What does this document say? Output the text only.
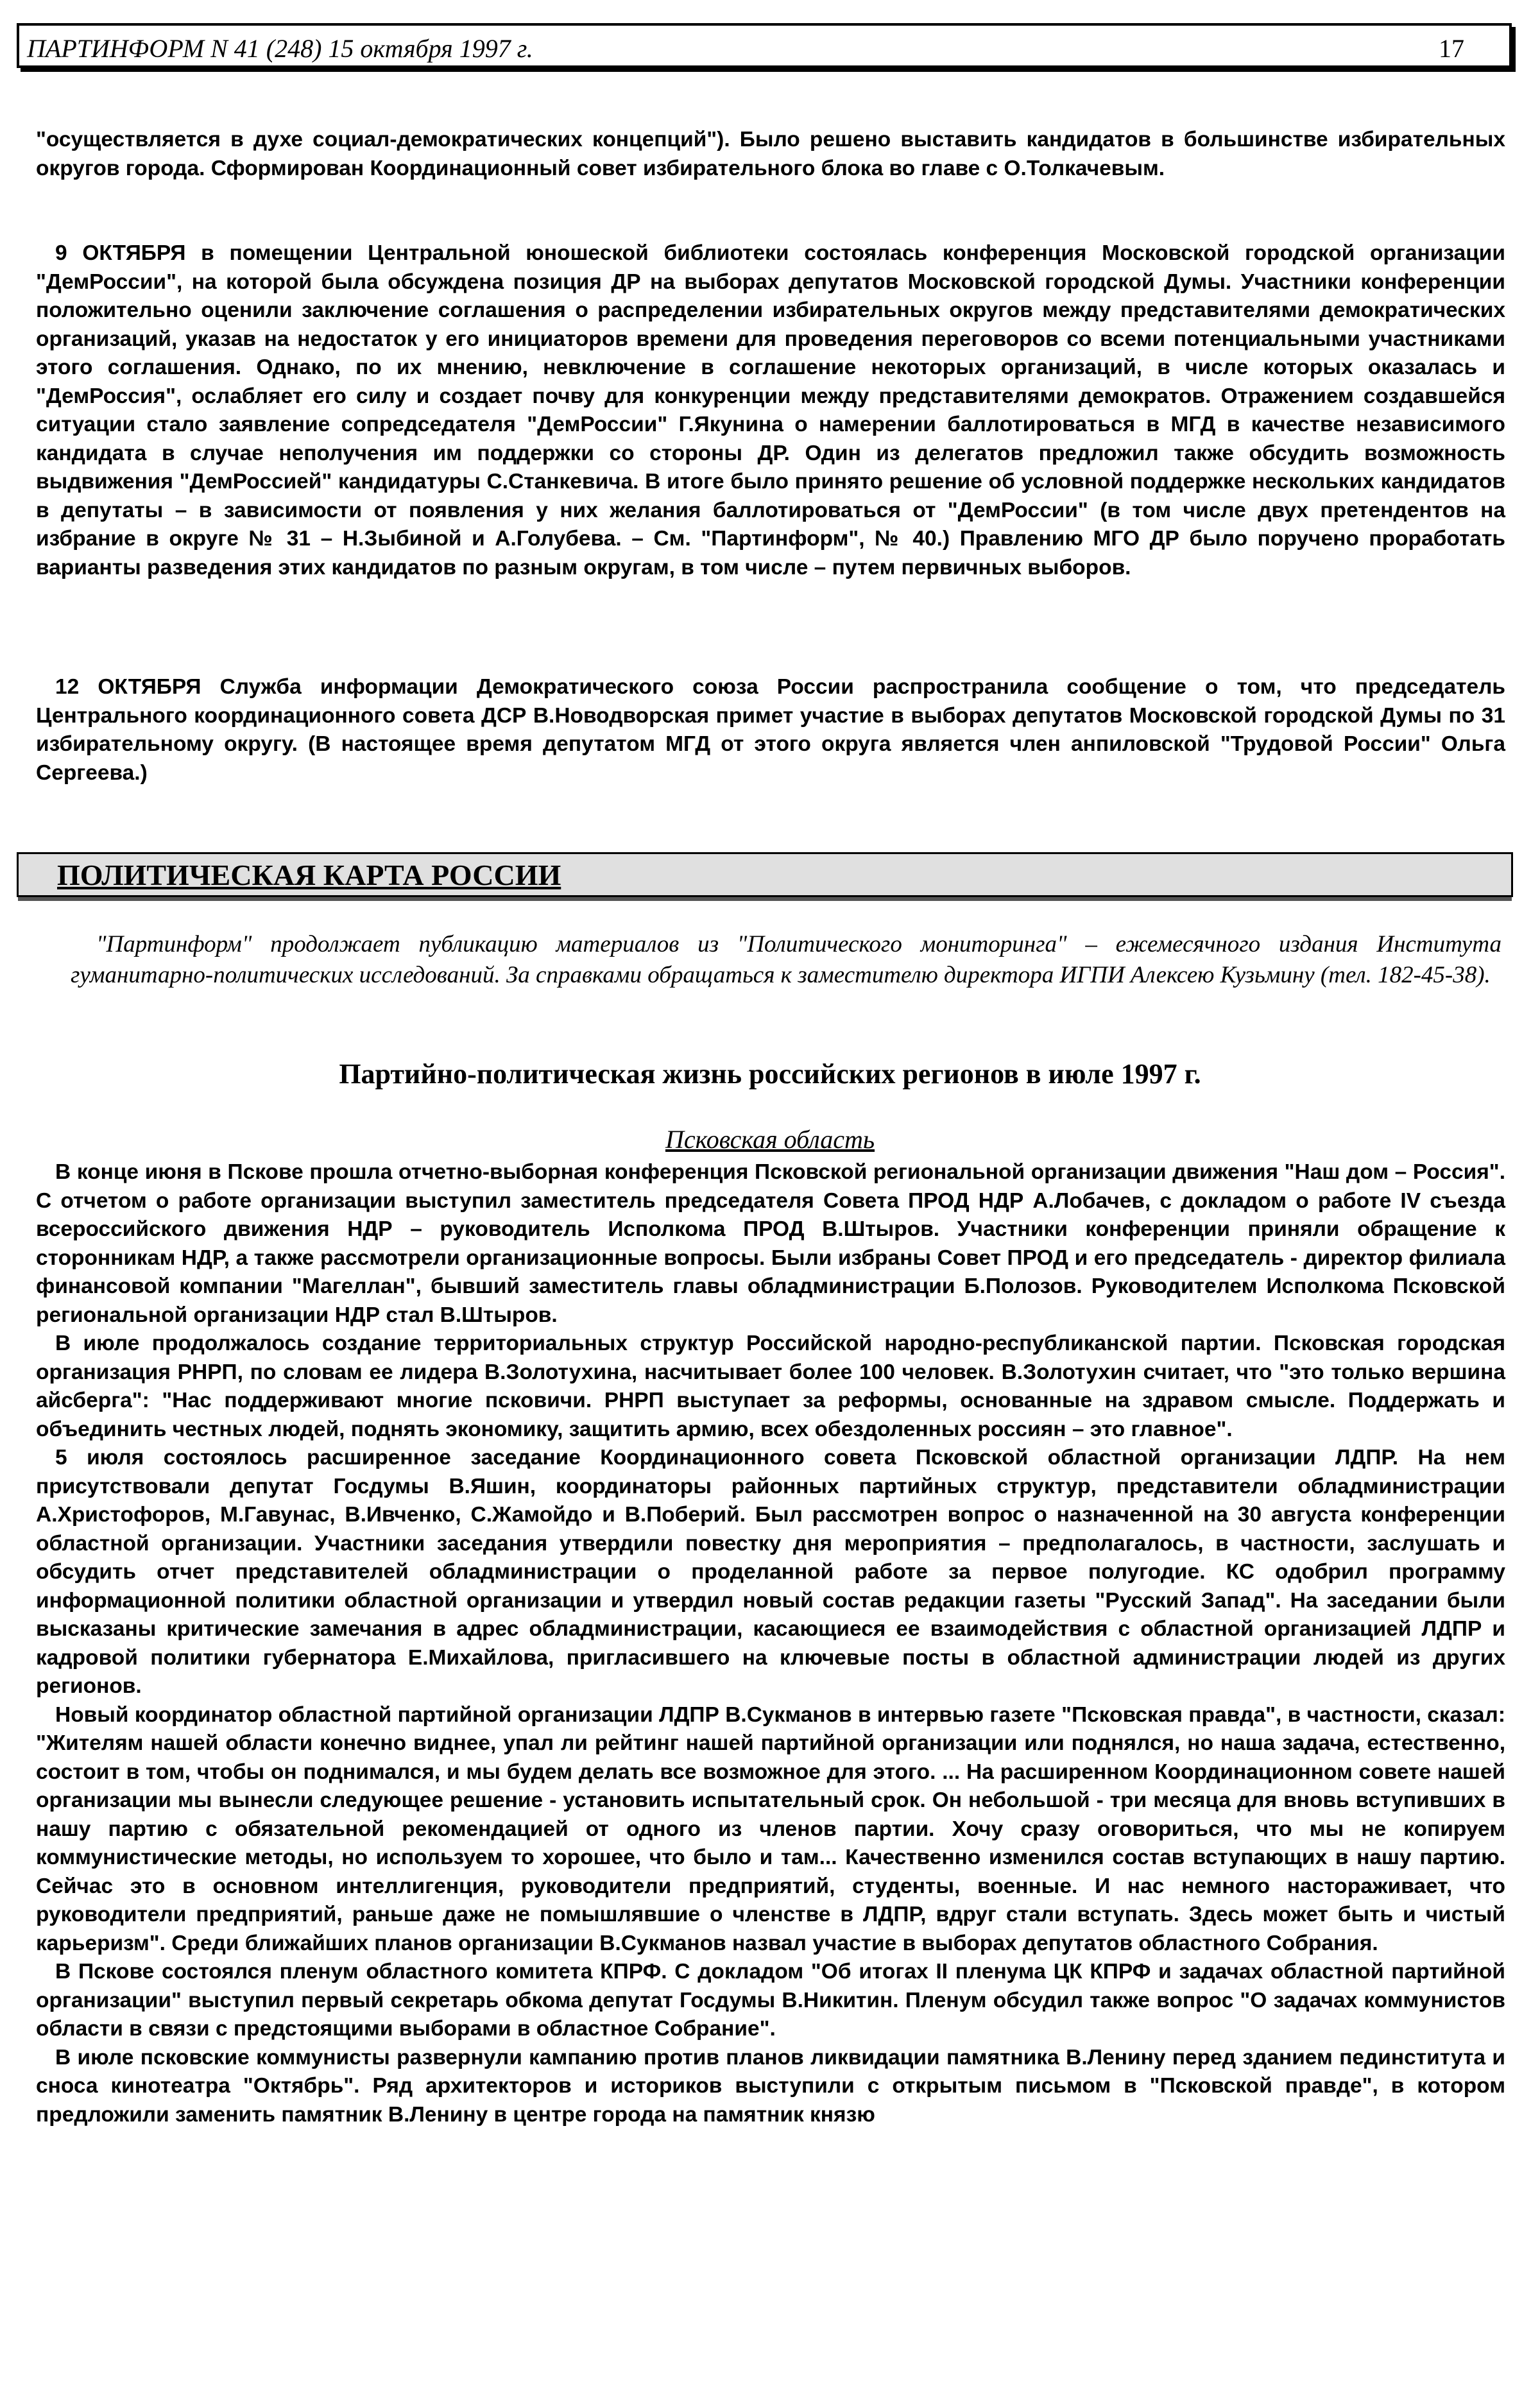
ПАРТИНФОРМ N 41 (248) 15 октября 1997 г.	17

"осуществляется в духе социал-демократических концепций"). Было решено выставить кандидатов в большинстве избирательных округов города. Сформирован Координационный совет избирательного блока во главе с О.Толкачевым.

9 ОКТЯБРЯ в помещении Центральной юношеской библиотеки состоялась конференция Московской городской организации "ДемРоссии", на которой была обсуждена позиция ДР на выборах депутатов Московской городской Думы. Участники конференции положительно оценили заключение соглашения о распределении избирательных округов между представителями демократических организаций, указав на недостаток у его инициаторов времени для проведения переговоров со всеми потенциальными участниками этого соглашения. Однако, по их мнению, невключение в соглашение некоторых организаций, в числе которых оказалась и "ДемРоссия", ослабляет его силу и создает почву для конкуренции между представителями демократов. Отражением создавшейся ситуации стало заявление сопредседателя "ДемРоссии" Г.Якунина о намерении баллотироваться в МГД в качестве независимого кандидата в случае неполучения им поддержки со стороны ДР. Один из делегатов предложил также обсудить возможность выдвижения "ДемРоссией" кандидатуры С.Станкевича. В итоге было принято решение об условной поддержке нескольких кандидатов в депутаты – в зависимости от появления у них желания баллотироваться от "ДемРоссии" (в том числе двух претендентов на избрание в округе № 31 – Н.Зыбиной и А.Голубева. – См. "Партинформ", № 40.) Правлению МГО ДР было поручено проработать варианты разведения этих кандидатов по разным округам, в том числе – путем первичных выборов.

12 ОКТЯБРЯ Служба информации Демократического союза России распространила сообщение о том, что председатель Центрального координационного совета ДСР В.Новодворская примет участие в выборах депутатов Московской городской Думы по 31 избирательному округу. (В настоящее время депутатом МГД от этого округа является член анпиловской "Трудовой России" Ольга Сергеева.)

ПОЛИТИЧЕСКАЯ КАРТА РОССИИ
"Партинформ" продолжает публикацию материалов из "Политического мониторинга" – ежемесячного издания Института гуманитарно-политических исследований. За справками обращаться к заместителю директора ИГПИ Алексею Кузьмину (тел. 182-45-38).
Партийно-политическая жизнь российских регионов в июле 1997 г.
Псковская область

В конце июня в Пскове прошла отчетно-выборная конференция Псковской региональной организации движения "Наш дом – Россия". С отчетом о работе организации выступил заместитель председателя Совета ПРОД НДР А.Лобачев, с докладом о работе IV съезда всероссийского движения НДР – руководитель Исполкома ПРОД В.Штыров. Участники конференции приняли обращение к сторонникам НДР, а также рассмотрели организационные вопросы. Были избраны Совет ПРОД и его председатель - директор филиала финансовой компании "Магеллан", бывший заместитель главы обладминистрации Б.Полозов. Руководителем Исполкома Псковской региональной организации НДР стал В.Штыров.

В июле продолжалось создание территориальных структур Российской народно-республиканской партии. Псковская городская организация РНРП, по словам ее лидера В.Золотухина, насчитывает более 100 человек. В.Золотухин считает, что "это только вершина айсберга": "Нас поддерживают многие псковичи. РНРП выступает за реформы, основанные на здравом смысле. Поддержать и объединить честных людей, поднять экономику, защитить армию, всех обездоленных россиян – это главное".

5 июля состоялось расширенное заседание Координационного совета Псковской областной организации ЛДПР. На нем присутствовали депутат Госдумы В.Яшин, координаторы районных партийных структур, представители обладминистрации А.Христофоров, М.Гавунас, В.Ивченко, С.Жамойдо и В.Поберий. Был рассмотрен вопрос о назначенной на 30 августа конференции областной организации. Участники заседания утвердили повестку дня мероприятия – предполагалось, в частности, заслушать и обсудить отчет представителей обладминистрации о проделанной работе за первое полугодие. КС одобрил программу информационной политики областной организации и утвердил новый состав редакции газеты "Русский Запад". На заседании были высказаны критические замечания в адрес обладминистрации, касающиеся ее взаимодействия с областной организацией ЛДПР и кадровой политики губернатора Е.Михайлова, пригласившего на ключевые посты в областной администрации людей из других регионов.

Новый координатор областной партийной организации ЛДПР В.Сукманов в интервью газете "Псковская правда", в частности, сказал: "Жителям нашей области конечно виднее, упал ли рейтинг нашей партийной организации или поднялся, но наша задача, естественно, состоит в том, чтобы он поднимался, и мы будем делать все возможное для этого. ... На расширенном Координационном совете нашей организации мы вынесли следующее решение - установить испытательный срок. Он небольшой - три месяца для вновь вступивших в нашу партию с обязательной рекомендацией от одного из членов партии. Хочу сразу оговориться, что мы не копируем коммунистические методы, но используем то хорошее, что было и там... Качественно изменился состав вступающих в нашу партию. Сейчас это в основном интеллигенция, руководители предприятий, студенты, военные. И нас немного настораживает, что руководители предприятий, раньше даже не помышлявшие о членстве в ЛДПР, вдруг стали вступать. Здесь может быть и чистый карьеризм". Среди ближайших планов организации В.Сукманов назвал участие в выборах депутатов областного Собрания.

В Пскове состоялся пленум областного комитета КПРФ. С докладом "Об итогах II пленума ЦК КПРФ и задачах областной партийной организации" выступил первый секретарь обкома депутат Госдумы В.Никитин. Пленум обсудил также вопрос "О задачах коммунистов области в связи с предстоящими выборами в областное Собрание".

В июле псковские коммунисты развернули кампанию против планов ликвидации памятника В.Ленину перед зданием пединститута и сноса кинотеатра "Октябрь". Ряд архитекторов и историков выступили с открытым письмом в "Псковской правде", в котором предложили заменить памятник В.Ленину в центре города на памятник князю
